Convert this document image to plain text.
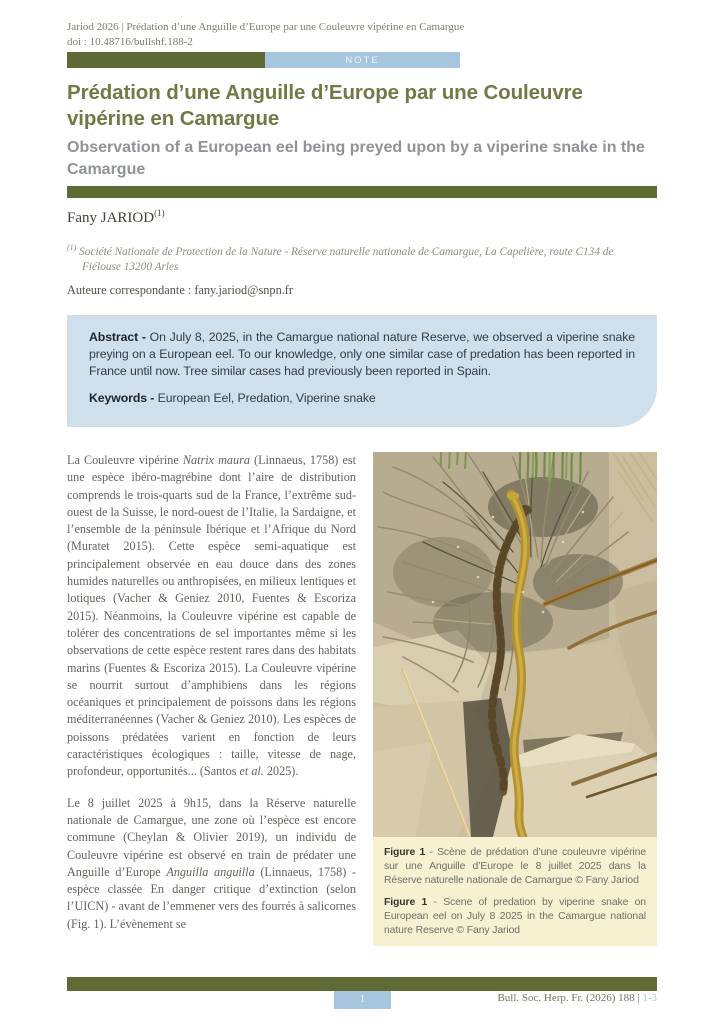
Jariod 2026 | Prédation d’une Anguille d’Europe par une Couleuvre vipérine en Camargue
doi : 10.48716/bullshf.188-2
NOTE
Prédation d’une Anguille d’Europe par une Couleuvre vipérine en Camargue
Observation of a European eel being preyed upon by a viperine snake in the Camargue
Fany JARIOD$^{(1)}$
$^{(1)}$ Société Nationale de Protection de la Nature - Réserve naturelle nationale de Camargue, La Capelière, route C134 de Fiélouse 13200 Arles
Auteure correspondante : fany.jariod@snpn.fr

Abstract - On July 8, 2025, in the Camargue national nature Reserve, we observed a viperine snake preying on a European eel. To our knowledge, only one similar case of predation has been reported in France until now. Tree similar cases had previously been reported in Spain.

Keywords - European Eel, Predation, Viperine snake

La Couleuvre vipérine Natrix maura (Linnaeus, 1758) est une espèce ibéro-magrébine dont l’aire de distribution comprends le trois-quarts sud de la France, l’extrême sud-ouest de la Suisse, le nord-ouest de l’Italie, la Sardaigne, et l’ensemble de la péninsule Ibérique et l’Afrique du Nord (Muratet 2015). Cette espèce semi-aquatique est principalement observée en eau douce dans des zones humides naturelles ou anthropisées, en milieux lentiques et lotiques (Vacher & Geniez 2010, Fuentes & Escoriza 2015). Néanmoins, la Couleuvre vipérine est capable de tolérer des concentrations de sel importantes même si les observations de cette espèce restent rares dans des habitats marins (Fuentes & Escoriza 2015). La Couleuvre vipérine se nourrit surtout d’amphibiens dans les régions océaniques et principalement de poissons dans les régions méditerranéennes (Vacher & Geniez 2010). Les espèces de poissons prédatées varient en fonction de leurs caractéristiques écologiques : taille, vitesse de nage, profondeur, opportunités... (Santos et al. 2025).

Le 8 juillet 2025 à 9h15, dans la Réserve naturelle nationale de Camargue, une zone où l’espèce est encore commune (Cheylan & Olivier 2019), un individu de Couleuvre vipérine est observé en train de prédater une Anguille d’Europe Anguilla anguilla (Linnaeus, 1758) - espèce classée En danger critique d’extinction (selon l’UICN) - avant de l’emmener vers des fourrés à salicornes (Fig. 1). L’évènement se

Figure 1 - Scène de prédation d’une couleuvre vipérine sur une Anguille d’Europe le 8 juillet 2025 dans la Réserve naturelle nationale de Camargue © Fany Jariod

Figure 1 - Scene of predation by viperine snake on European eel on July 8 2025 in the Camargue national nature Reserve © Fany Jariod

1	Bull. Soc. Herp. Fr. (2026) 188 | 1-3
